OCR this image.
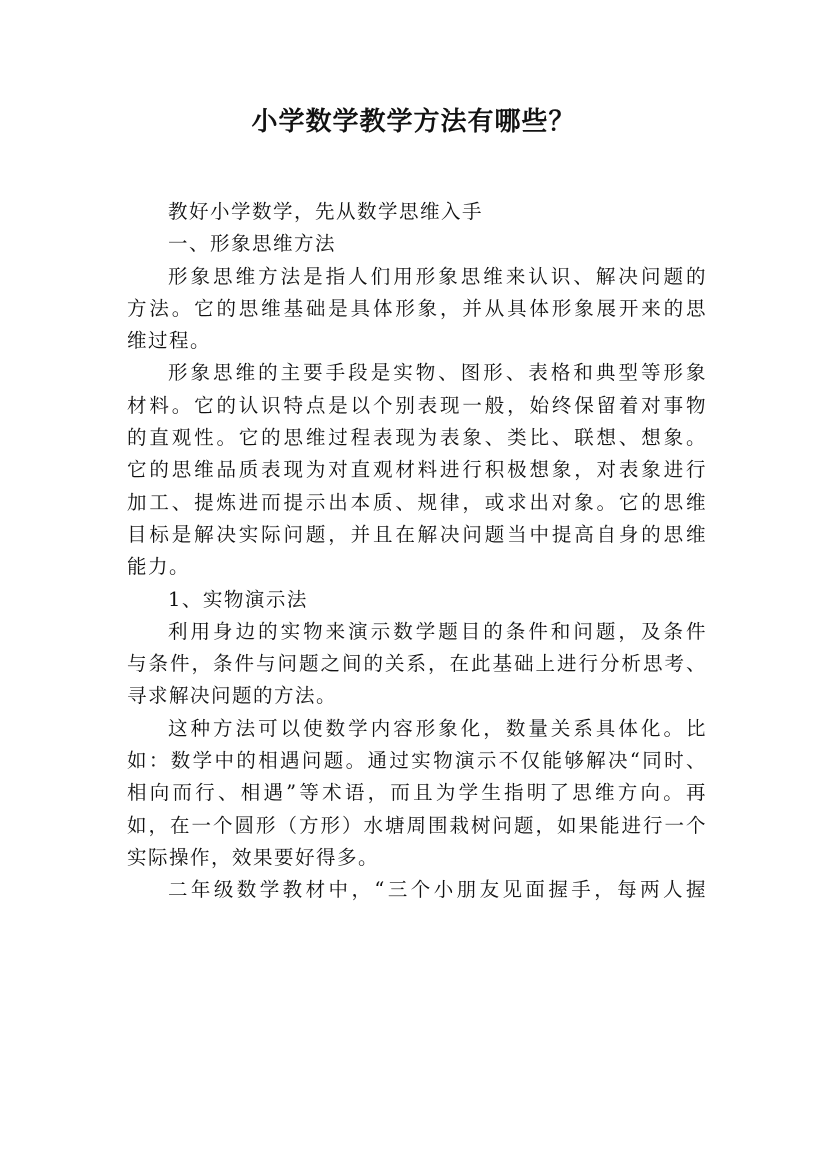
小学数学教学方法有哪些？
教好小学数学，先从数学思维入手
一、形象思维方法
形象思维方法是指人们用形象思维来认识、解决问题的
方法。它的思维基础是具体形象，并从具体形象展开来的思
维过程。
形象思维的主要手段是实物、图形、表格和典型等形象
材料。它的认识特点是以个别表现一般，始终保留着对事物
的直观性。它的思维过程表现为表象、类比、联想、想象。
它的思维品质表现为对直观材料进行积极想象，对表象进行
加工、提炼进而提示出本质、规律，或求出对象。它的思维
目标是解决实际问题，并且在解决问题当中提高自身的思维
能力。
1、实物演示法
利用身边的实物来演示数学题目的条件和问题，及条件
与条件，条件与问题之间的关系，在此基础上进行分析思考、
寻求解决问题的方法。
这种方法可以使数学内容形象化，数量关系具体化。比
如：数学中的相遇问题。通过实物演示不仅能够解决“同时、
相向而行、相遇”等术语，而且为学生指明了思维方向。再
如，在一个圆形（方形）水塘周围栽树问题，如果能进行一个
实际操作，效果要好得多。
二年级数学教材中，“三个小朋友见面握手，每两人握
